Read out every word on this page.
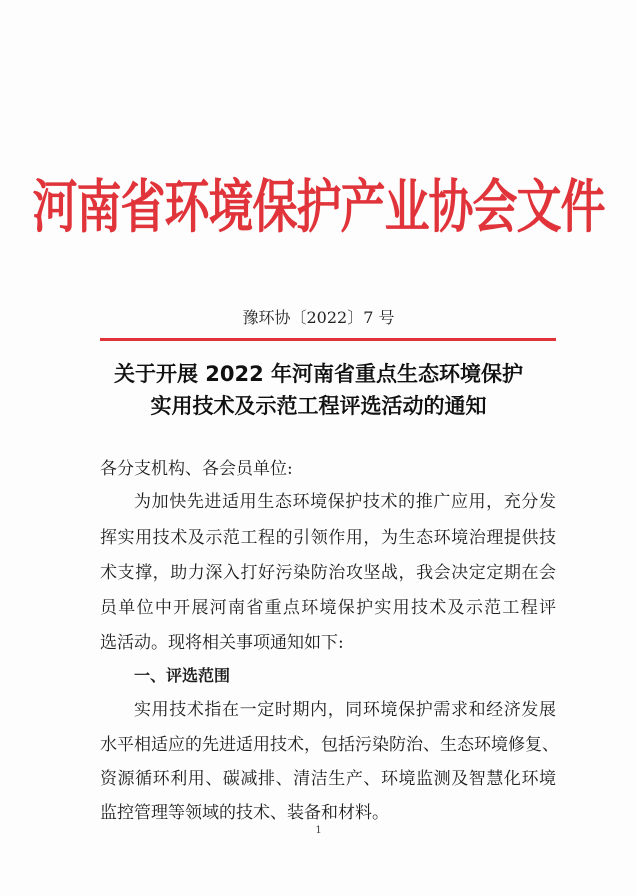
河南省环境保护产业协会文件
豫环协〔2022〕7 号
关于开展 2022 年河南省重点生态环境保护
实用技术及示范工程评选活动的通知
各分支机构、各会员单位:
为加快先进适用生态环境保护技术的推广应用，充分发
挥实用技术及示范工程的引领作用，为生态环境治理提供技
术支撑，助力深入打好污染防治攻坚战，我会决定定期在会
员单位中开展河南省重点环境保护实用技术及示范工程评
选活动。现将相关事项通知如下:
一、评选范围
实用技术指在一定时期内，同环境保护需求和经济发展
水平相适应的先进适用技术，包括污染防治、生态环境修复、
资源循环利用、碳减排、清洁生产、环境监测及智慧化环境
监控管理等领域的技术、装备和材料。
1
